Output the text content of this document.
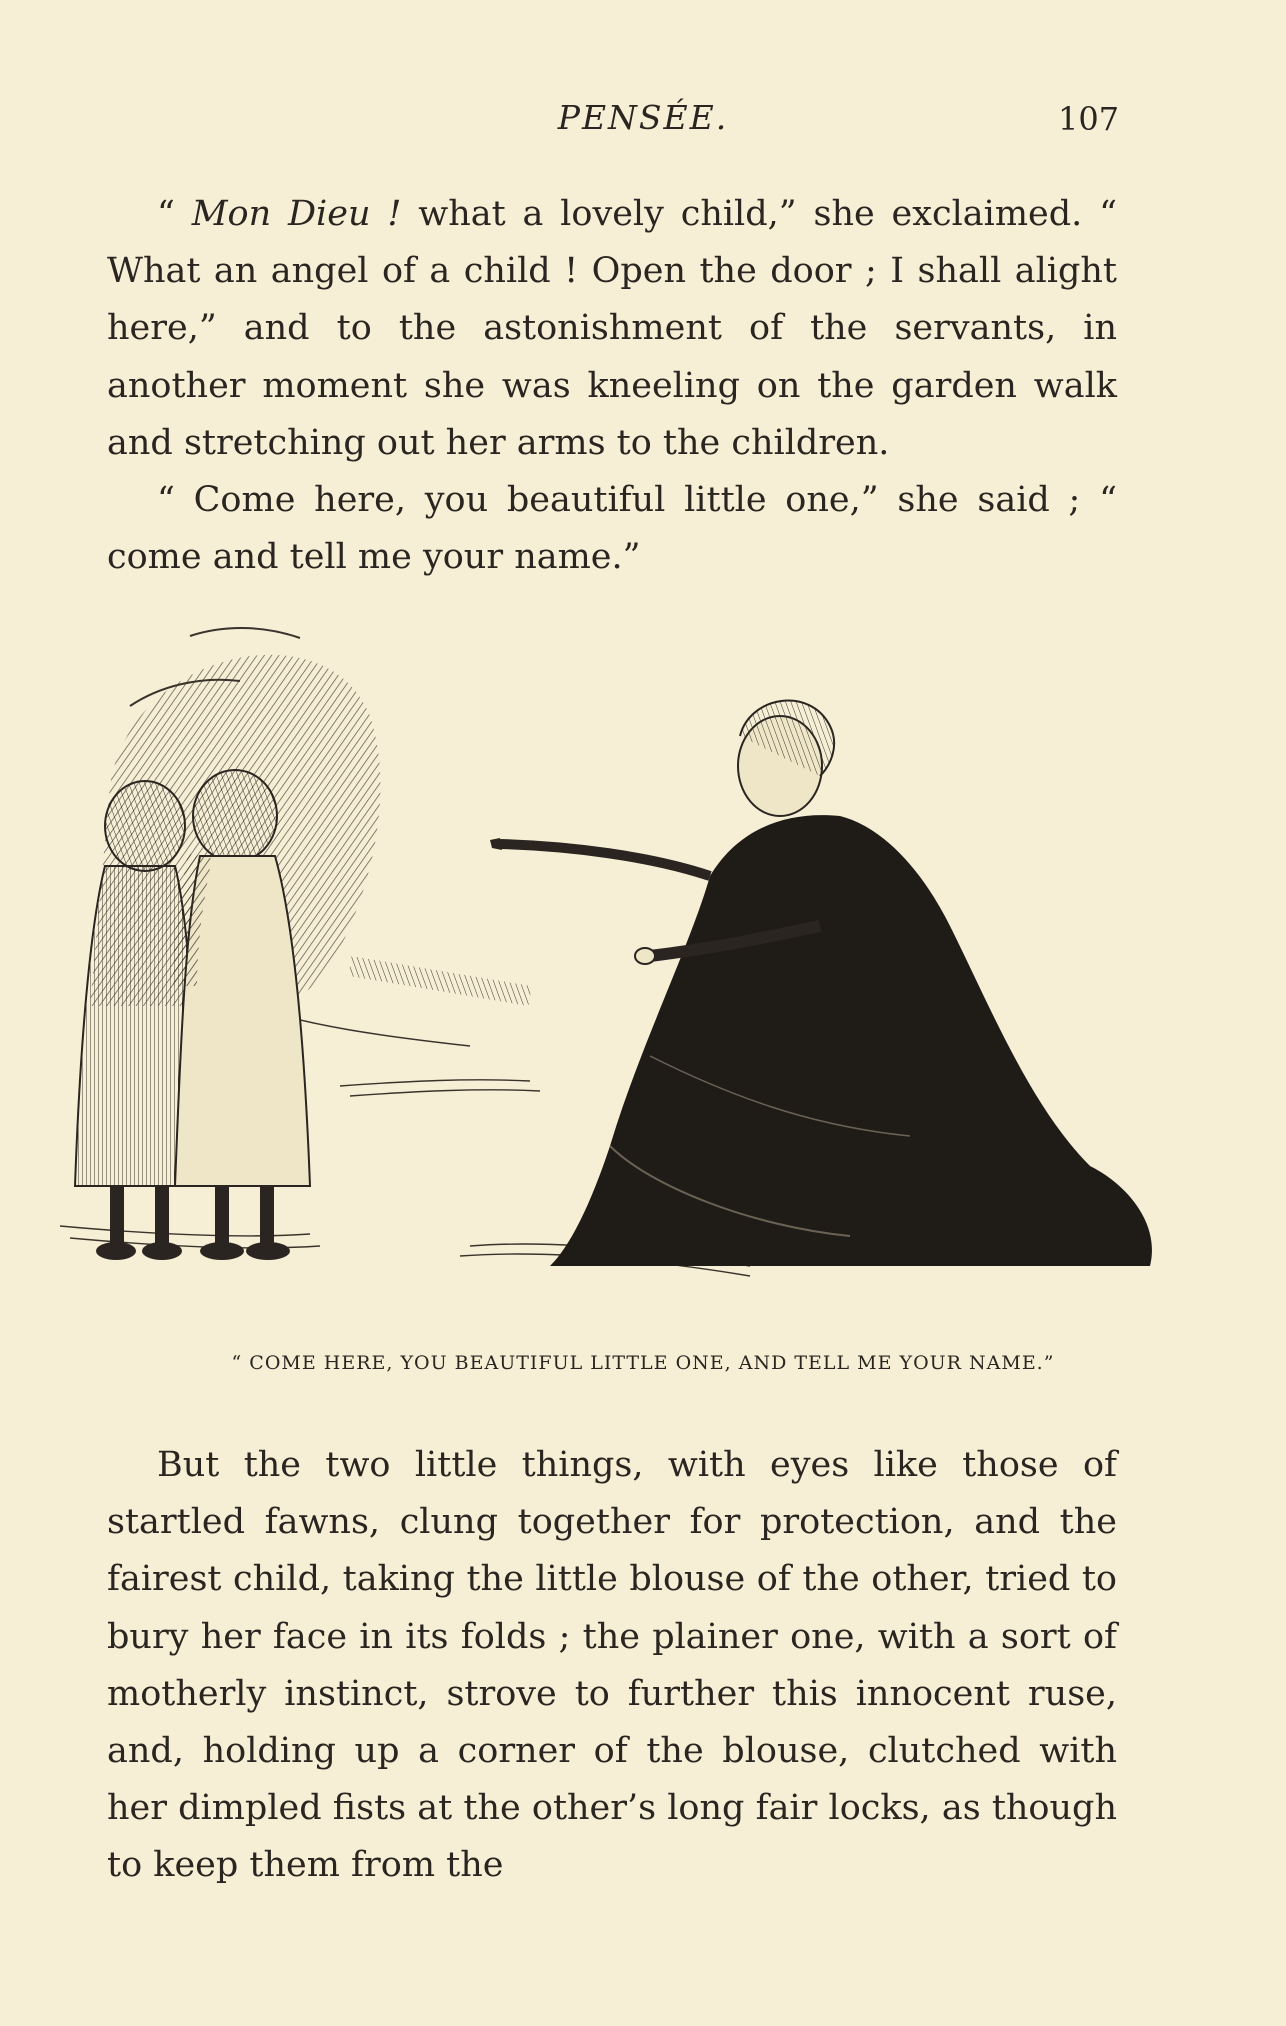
PENSÉE.	107

“ Mon Dieu ! what a lovely child,” she exclaimed. “ What an angel of a child ! Open the door ; I shall alight here,” and to the astonishment of the servants, in another moment she was kneeling on the garden walk and stretching out her arms to the children.

“ Come here, you beautiful little one,” she said ; “ come and tell me your name.”

“ COME HERE, YOU BEAUTIFUL LITTLE ONE, AND TELL ME YOUR NAME.”

But the two little things, with eyes like those of startled fawns, clung together for protection, and the fairest child, taking the little blouse of the other, tried to bury her face in its folds ; the plainer one, with a sort of motherly instinct, strove to further this innocent ruse, and, holding up a corner of the blouse, clutched with her dimpled fists at the other’s long fair locks, as though to keep them from the
